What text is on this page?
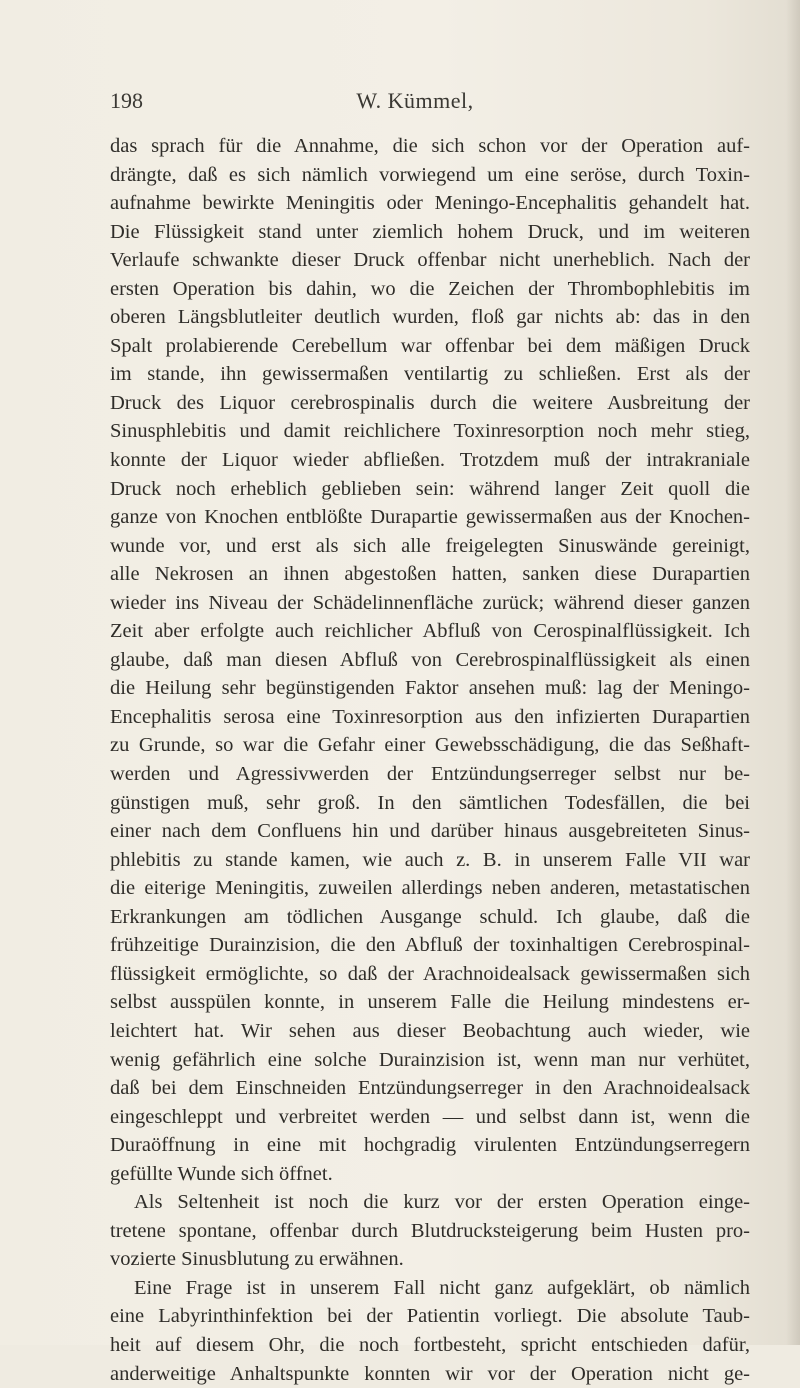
198	W. Kümmel,
das sprach für die Annahme, die sich schon vor der Operation auf-
drängte, daß es sich nämlich vorwiegend um eine seröse, durch Toxin-
aufnahme bewirkte Meningitis oder Meningo-Encephalitis gehandelt hat.
Die Flüssigkeit stand unter ziemlich hohem Druck, und im weiteren
Verlaufe schwankte dieser Druck offenbar nicht unerheblich. Nach der
ersten Operation bis dahin, wo die Zeichen der Thrombophlebitis im
oberen Längsblutleiter deutlich wurden, floß gar nichts ab: das in den
Spalt prolabierende Cerebellum war offenbar bei dem mäßigen Druck
im stande, ihn gewissermaßen ventilartig zu schließen. Erst als der
Druck des Liquor cerebrospinalis durch die weitere Ausbreitung der
Sinusphlebitis und damit reichlichere Toxinresorption noch mehr stieg,
konnte der Liquor wieder abfließen. Trotzdem muß der intrakraniale
Druck noch erheblich geblieben sein: während langer Zeit quoll die
ganze von Knochen entblößte Durapartie gewissermaßen aus der Knochen-
wunde vor, und erst als sich alle freigelegten Sinuswände gereinigt,
alle Nekrosen an ihnen abgestoßen hatten, sanken diese Durapartien
wieder ins Niveau der Schädelinnenfläche zurück; während dieser ganzen
Zeit aber erfolgte auch reichlicher Abfluß von Cerospinalflüssigkeit. Ich
glaube, daß man diesen Abfluß von Cerebrospinalflüssigkeit als einen
die Heilung sehr begünstigenden Faktor ansehen muß: lag der Meningo-
Encephalitis serosa eine Toxinresorption aus den infizierten Durapartien
zu Grunde, so war die Gefahr einer Gewebsschädigung, die das Seßhaft-
werden und Agressivwerden der Entzündungserreger selbst nur be-
günstigen muß, sehr groß. In den sämtlichen Todesfällen, die bei
einer nach dem Confluens hin und darüber hinaus ausgebreiteten Sinus-
phlebitis zu stande kamen, wie auch z. B. in unserem Falle VII war
die eiterige Meningitis, zuweilen allerdings neben anderen, metastatischen
Erkrankungen am tödlichen Ausgange schuld. Ich glaube, daß die
frühzeitige Durainzision, die den Abfluß der toxinhaltigen Cerebrospinal-
flüssigkeit ermöglichte, so daß der Arachnoidealsack gewissermaßen sich
selbst ausspülen konnte, in unserem Falle die Heilung mindestens er-
leichtert hat. Wir sehen aus dieser Beobachtung auch wieder, wie
wenig gefährlich eine solche Durainzision ist, wenn man nur verhütet,
daß bei dem Einschneiden Entzündungserreger in den Arachnoidealsack
eingeschleppt und verbreitet werden — und selbst dann ist, wenn die
Duraöffnung in eine mit hochgradig virulenten Entzündungserregern
gefüllte Wunde sich öffnet.
Als Seltenheit ist noch die kurz vor der ersten Operation einge-
tretene spontane, offenbar durch Blutdrucksteigerung beim Husten pro-
vozierte Sinusblutung zu erwähnen.
Eine Frage ist in unserem Fall nicht ganz aufgeklärt, ob nämlich
eine Labyrinthinfektion bei der Patientin vorliegt. Die absolute Taub-
heit auf diesem Ohr, die noch fortbesteht, spricht entschieden dafür,
anderweitige Anhaltspunkte konnten wir vor der Operation nicht ge-
